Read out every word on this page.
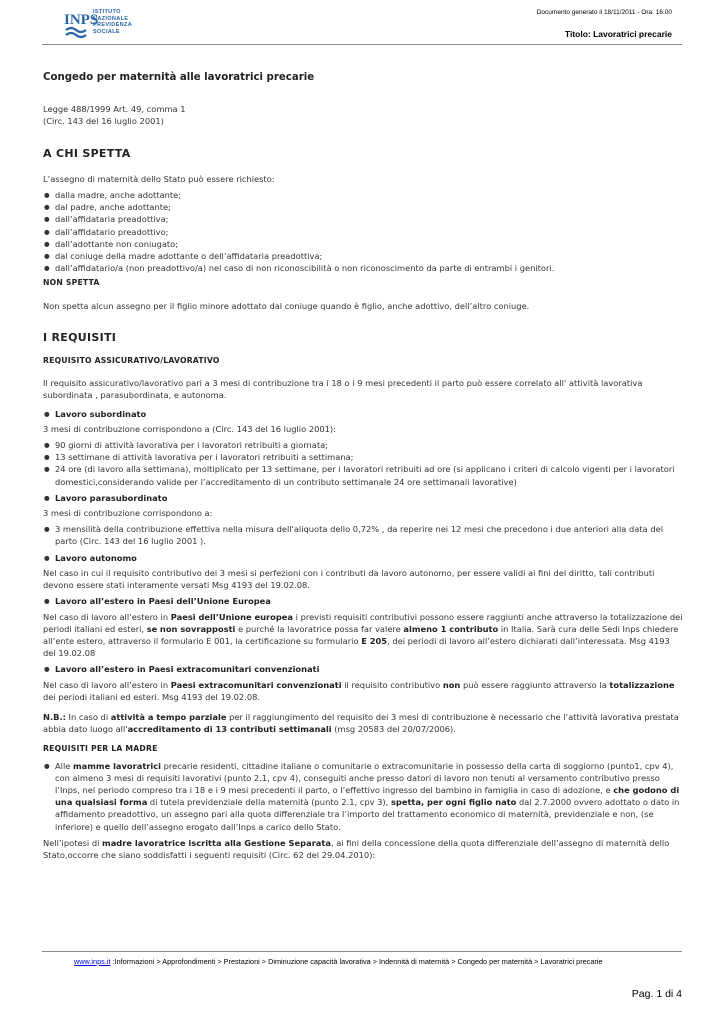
INPS
ISTITUTO
NAZIONALE
PREVIDENZA
SOCIALE
Documento generato il 18/11/2011 - Ora. 16.00
Titolo: Lavoratrici precarie

Congedo per maternità alle lavoratrici precarie

Legge 488/1999 Art. 49, comma 1

(Circ. 143 del 16 luglio 2001)

A CHI SPETTA

L’assegno di maternità dello Stato può essere richiesto:

● dalla madre, anche adottante;
● dal padre, anche adottante;
● dall’affidataria preadottiva;
● dall’affidatario preadottivo;
● dall’adottante non coniugato;
● dal coniuge della madre adottante o dell’affidataria preadottiva;
● dall’affidatario/a (non preadottivo/a) nel caso di non riconoscibilità o non riconoscimento da parte di entrambi i genitori.

NON SPETTA

Non spetta alcun assegno per il figlio minore adottato dal coniuge quando è figlio, anche adottivo, dell’altro coniuge.

I REQUISITI

REQUISITO ASSICURATIVO/LAVORATIVO

Il requisito assicurativo/lavorativo pari a 3 mesi di contribuzione tra i 18 o i 9 mesi precedenti il parto può essere correlato all' attività lavorativa subordinata , parasubordinata, e autonoma.

● Lavoro subordinato

3 mesi di contribuzione corrispondono a (Circ. 143 del 16 luglio 2001):

● 90 giorni di attività lavorativa per i lavoratori retribuiti a giornata;
● 13 settimane di attività lavorativa per i lavoratori retribuiti a settimana;
● 24 ore (di lavoro alla settimana), moltiplicato per 13 settimane, per i lavoratori retribuiti ad ore (si applicano i criteri di calcolo vigenti per i lavoratori domestici,considerando valide per l’accreditamento di un contributo settimanale 24 ore settimanali lavorative)
● Lavoro parasubordinato

3 mesi di contribuzione corrispondono a:

● 3 mensilità della contribuzione effettiva nella misura dell'aliquota dello 0,72% , da reperire nei 12 mesi che precedono i due anteriori alla data del parto (Circ. 143 del 16 luglio 2001 ).
● Lavoro autonomo

Nel caso in cui il requisito contributivo dei 3 mesi si perfezioni con i contributi da lavoro autonomo, per essere validi ai fini del diritto, tali contributi devono essere stati interamente versati Msg 4193 del 19.02.08.

● Lavoro all’estero in Paesi dell’Unione Europea

Nel caso di lavoro all’estero in Paesi dell’Unione europea i previsti requisiti contributivi possono essere raggiunti anche attraverso la totalizzazione dei periodi italiani ed esteri, se non sovrapposti e purché la lavoratrice possa far valere almeno 1 contributo in Italia. Sarà cura delle Sedi Inps chiedere all’ente estero, attraverso il formulario E 001, la certificazione su formulario E 205, dei periodi di lavoro all’estero dichiarati dall’interessata. Msg 4193 del 19.02.08

● Lavoro all’estero in Paesi extracomunitari convenzionati

Nel caso di lavoro all’estero in Paesi extracomunitari convenzionati il requisito contributivo non può essere raggiunto attraverso la totalizzazione dei periodi italiani ed esteri. Msg 4193 del 19.02.08.

N.B.: In caso di attività a tempo parziale per il raggiungimento del requisito dei 3 mesi di contribuzione è necessario che l’attività lavorativa prestata abbia dato luogo all'accreditamento di 13 contributi settimanali (msg 20583 del 20/07/2006).

REQUISITI PER LA MADRE

● Alle mamme lavoratrici precarie residenti, cittadine italiane o comunitarie o extracomunitarie in possesso della carta di soggiorno (punto1, cpv 4), con almeno 3 mesi di requisiti lavorativi (punto 2.1, cpv 4), conseguiti anche presso datori di lavoro non tenuti al versamento contributivo presso l’Inps, nel periodo compreso tra i 18 e i 9 mesi precedenti il parto, o l’effettivo ingresso del bambino in famiglia in caso di adozione, e che godono di una qualsiasi forma di tutela previdenziale della maternità (punto 2.1, cpv 3), spetta, per ogni figlio nato dal 2.7.2000 ovvero adottato o dato in affidamento preadottivo, un assegno pari alla quota differenziale tra l’importo del trattamento economico di maternità, previdenziale e non, (se inferiore) e quello dell’assegno erogato dall’Inps a carico dello Stato.

Nell’ipotesi di madre lavoratrice iscritta alla Gestione Separata, ai fini della concessione della quota differenziale dell’assegno di maternità dello Stato,occorre che siano soddisfatti i seguenti requisiti (Circ. 62 del 29.04.2010):

www.inps.it :Informazioni > Approfondimenti > Prestazioni > Diminuzione capacità lavorativa > Indennità di maternità > Congedo per maternità > Lavoratrici precarie
Pag. 1 di 4
